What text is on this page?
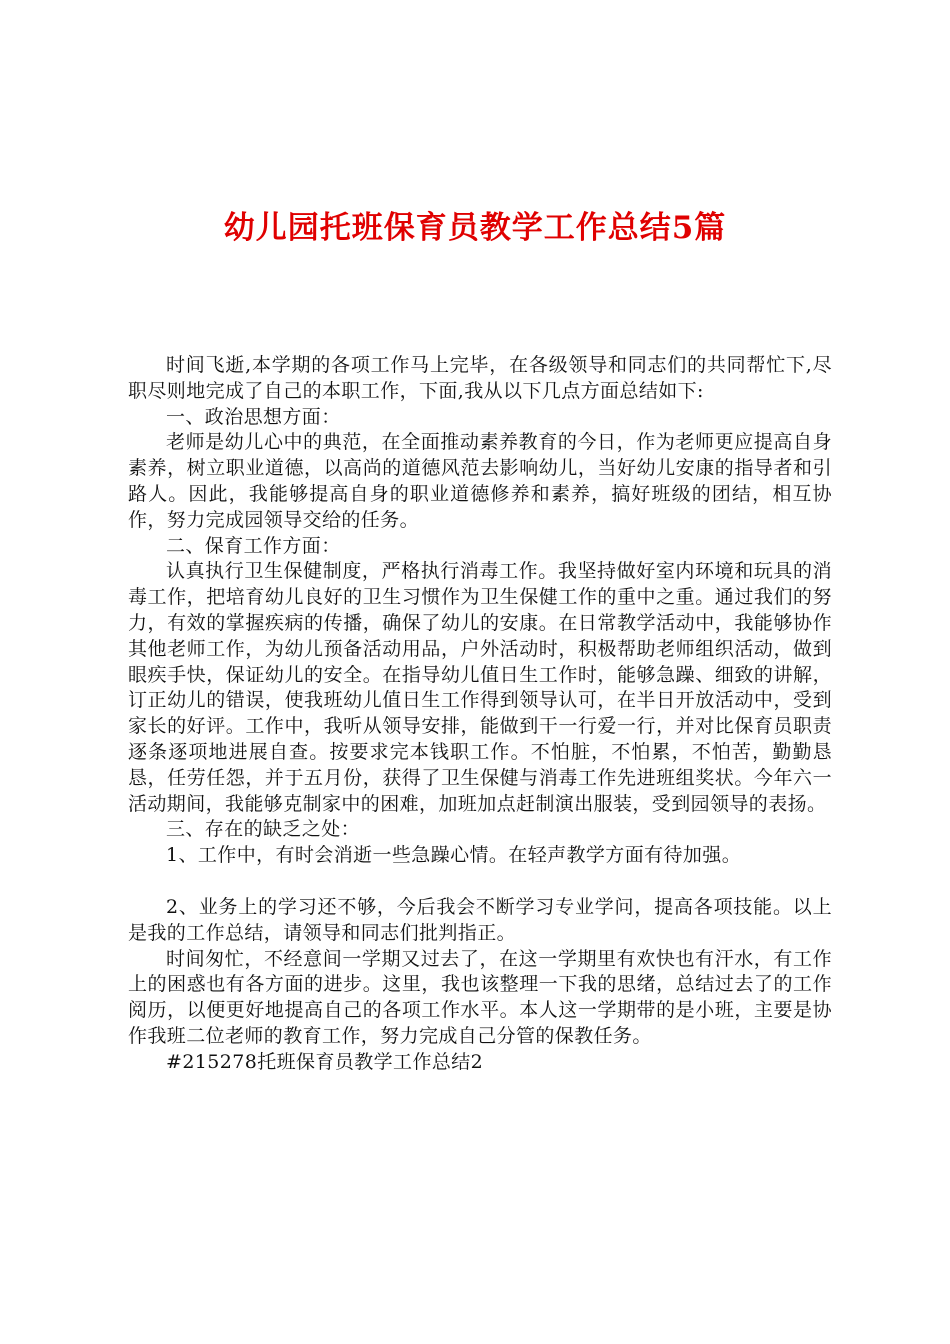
幼儿园托班保育员教学工作总结5篇

时间飞逝,本学期的各项工作马上完毕，在各级领导和同志们的共同帮忙下,尽职尽则地完成了自己的本职工作，下面,我从以下几点方面总结如下:

一、政治思想方面：

老师是幼儿心中的典范，在全面推动素养教育的今日，作为老师更应提高自身素养，树立职业道德，以高尚的道德风范去影响幼儿，当好幼儿安康的指导者和引路人。因此，我能够提高自身的职业道德修养和素养，搞好班级的团结，相互协作，努力完成园领导交给的任务。

二、保育工作方面：

认真执行卫生保健制度，严格执行消毒工作。我坚持做好室内环境和玩具的消毒工作，把培育幼儿良好的卫生习惯作为卫生保健工作的重中之重。通过我们的努力，有效的掌握疾病的传播，确保了幼儿的安康。在日常教学活动中，我能够协作其他老师工作，为幼儿预备活动用品，户外活动时，积极帮助老师组织活动，做到眼疾手快，保证幼儿的安全。在指导幼儿值日生工作时，能够急躁、细致的讲解，订正幼儿的错误，使我班幼儿值日生工作得到领导认可，在半日开放活动中，受到家长的好评。工作中，我听从领导安排，能做到干一行爱一行，并对比保育员职责逐条逐项地进展自查。按要求完本钱职工作。不怕脏，不怕累，不怕苦，勤勤恳恳，任劳任怨，并于五月份，获得了卫生保健与消毒工作先进班组奖状。今年六一活动期间，我能够克制家中的困难，加班加点赶制演出服装，受到园领导的表扬。

三、存在的缺乏之处：

1、工作中，有时会消逝一些急躁心情。在轻声教学方面有待加强。

2、业务上的学习还不够，今后我会不断学习专业学问，提高各项技能。以上是我的工作总结，请领导和同志们批判指正。

时间匆忙，不经意间一学期又过去了，在这一学期里有欢快也有汗水，有工作上的困惑也有各方面的进步。这里，我也该整理一下我的思绪，总结过去了的工作阅历，以便更好地提高自己的各项工作水平。本人这一学期带的是小班，主要是协作我班二位老师的教育工作，努力完成自己分管的保教任务。

#215278托班保育员教学工作总结2
